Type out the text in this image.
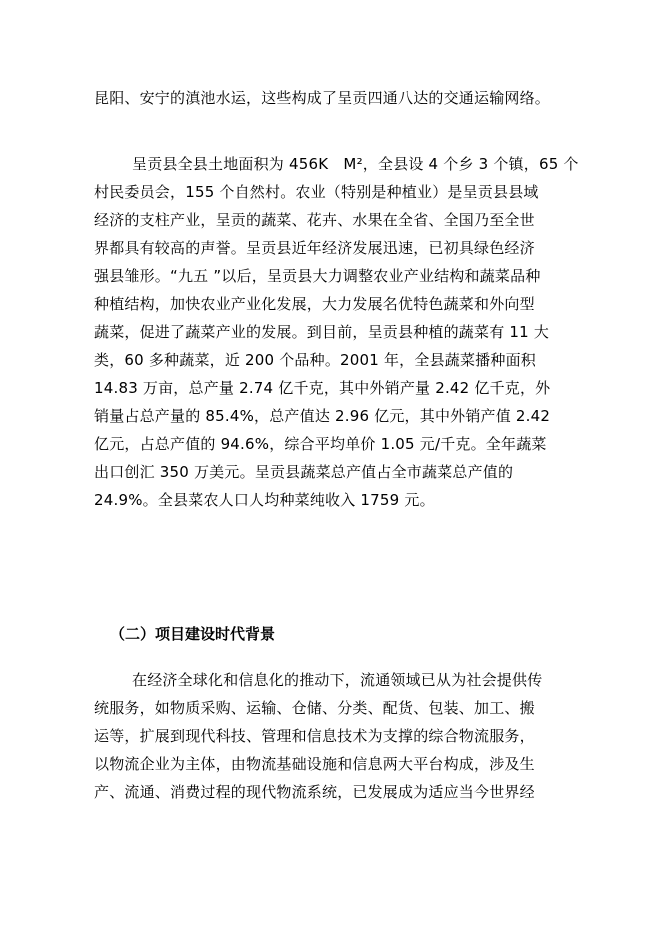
昆阳、安宁的滇池水运，这些构成了呈贡四通八达的交通运输网络。
呈贡县全县土地面积为 456K　M²，全县设 4 个乡 3 个镇，65 个
村民委员会，155 个自然村。农业（特别是种植业）是呈贡县县域
经济的支柱产业，呈贡的蔬菜、花卉、水果在全省、全国乃至全世
界都具有较高的声誉。呈贡县近年经济发展迅速，已初具绿色经济
强县雏形。“九五 ”以后，呈贡县大力调整农业产业结构和蔬菜品种
种植结构，加快农业产业化发展，大力发展名优特色蔬菜和外向型
蔬菜，促进了蔬菜产业的发展。到目前，呈贡县种植的蔬菜有 11 大
类，60 多种蔬菜，近 200 个品种。2001 年，全县蔬菜播种面积
14.83 万亩，总产量 2.74 亿千克，其中外销产量 2.42 亿千克，外
销量占总产量的 85.4%，总产值达 2.96 亿元，其中外销产值 2.42
亿元，占总产值的 94.6%，综合平均单价 1.05 元/千克。全年蔬菜
出口创汇 350 万美元。呈贡县蔬菜总产值占全市蔬菜总产值的
24.9%。全县菜农人口人均种菜纯收入 1759 元。
（二）项目建设时代背景
在经济全球化和信息化的推动下，流通领域已从为社会提供传
统服务，如物质采购、运输、仓储、分类、配货、包装、加工、搬
运等，扩展到现代科技、管理和信息技术为支撑的综合物流服务，
以物流企业为主体，由物流基础设施和信息两大平台构成，涉及生
产、流通、消费过程的现代物流系统，已发展成为适应当今世界经
